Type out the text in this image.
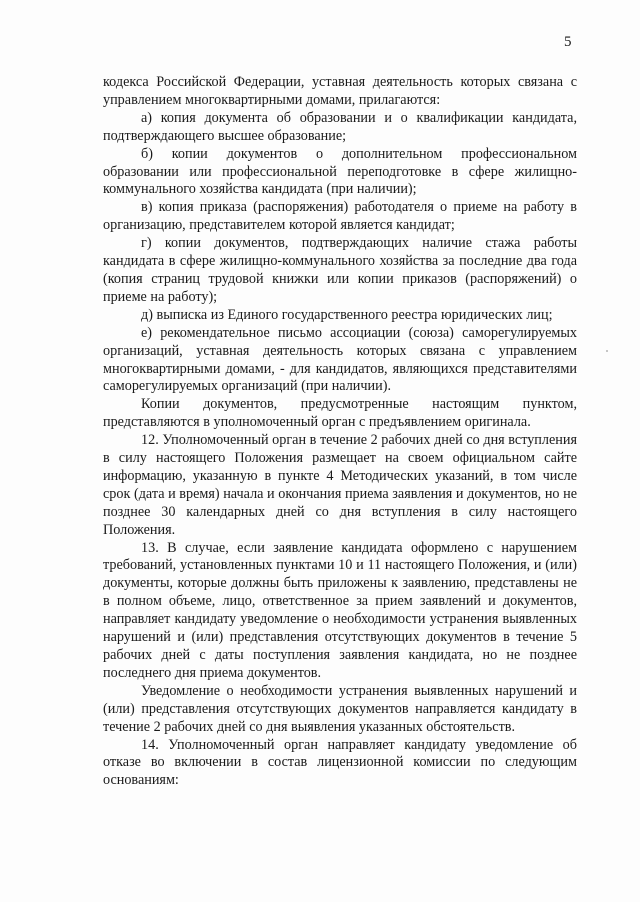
5

кодекса Российской Федерации, уставная деятельность которых связана с управлением многоквартирными домами, прилагаются:

а) копия документа об образовании и о квалификации кандидата, подтверждающего высшее образование;

б) копии документов о дополнительном профессиональном образовании или профессиональной переподготовке в сфере жилищно-коммунального хозяйства кандидата (при наличии);

в) копия приказа (распоряжения) работодателя о приеме на работу в организацию, представителем которой является кандидат;

г) копии документов, подтверждающих наличие стажа работы кандидата в сфере жилищно-коммунального хозяйства за последние два года (копия страниц трудовой книжки или копии приказов (распоряжений) о приеме на работу);

д) выписка из Единого государственного реестра юридических лиц;

е) рекомендательное письмо ассоциации (союза) саморегулируемых организаций, уставная деятельность которых связана с управлением многоквартирными домами, - для кандидатов, являющихся представителями саморегулируемых организаций (при наличии).

Копии документов, предусмотренные настоящим пунктом, представляются в уполномоченный орган с предъявлением оригинала.

12. Уполномоченный орган в течение 2 рабочих дней со дня вступления в силу настоящего Положения размещает на своем официальном сайте информацию, указанную в пункте 4 Методических указаний, в том числе срок (дата и время) начала и окончания приема заявления и документов, но не позднее 30 календарных дней со дня вступления в силу настоящего Положения.

13. В случае, если заявление кандидата оформлено с нарушением требований, установленных пунктами 10 и 11 настоящего Положения, и (или) документы, которые должны быть приложены к заявлению, представлены не в полном объеме, лицо, ответственное за прием заявлений и документов, направляет кандидату уведомление о необходимости устранения выявленных нарушений и (или) представления отсутствующих документов в течение 5 рабочих дней с даты поступления заявления кандидата, но не позднее последнего дня приема документов.

Уведомление о необходимости устранения выявленных нарушений и (или) представления отсутствующих документов направляется кандидату в течение 2 рабочих дней со дня выявления указанных обстоятельств.

14. Уполномоченный орган направляет кандидату уведомление об отказе во включении в состав лицензионной комиссии по следующим основаниям:
